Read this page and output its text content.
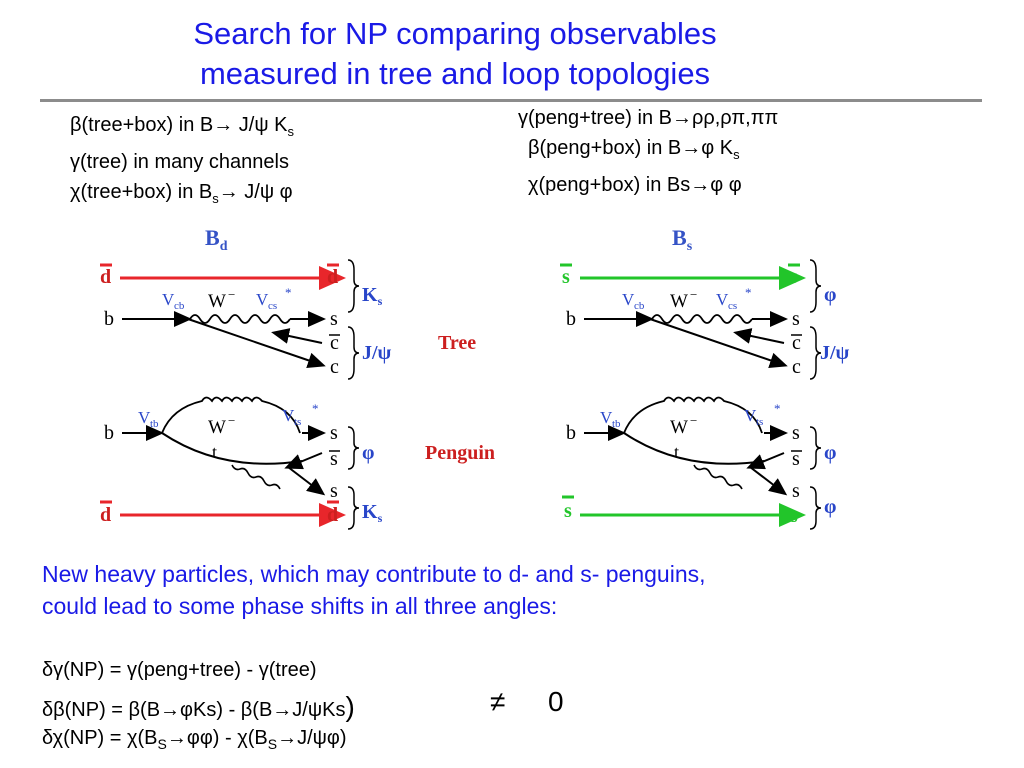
Search for NP comparing observables
measured in tree and loop topologies
β(tree+box) in B→ J/ψ $K_s$
γ(tree) in many channels
χ(tree+box) in $B_s\to J/\psi$ φ
γ(peng+tree) in B→ρρ,ρπ,ππ
β(peng+box) in B→φ $K_s$
χ(peng+box) in Bs→φ φ
$B_d$	$B_s$
d	d
b
V cb W − V cs
*
s
c
c
$K_s$
J/ψ Tree
Penguin
b
V tb	W −
t
V ts
*
s
s
s
φ
$K_s$
d	d
s	s
b
V cb W − V cs
*
s
c
c
φ
J/ψ
b
V tb	W −
t
V ts
*
s
s
s
φ
φ
s	s
New heavy particles, which may contribute to d- and s- penguins,
could lead to some phase shifts in all three angles:
δγ(NP) = γ(peng+tree) - γ(tree)
δβ(NP) = β(B→φKs) - β(B→J/ψKs)	≠ 0
$\delta\chi(NP) = \chi(B_S\to\varphi\varphi) - \chi(B_S\to J/\psi\varphi)$
